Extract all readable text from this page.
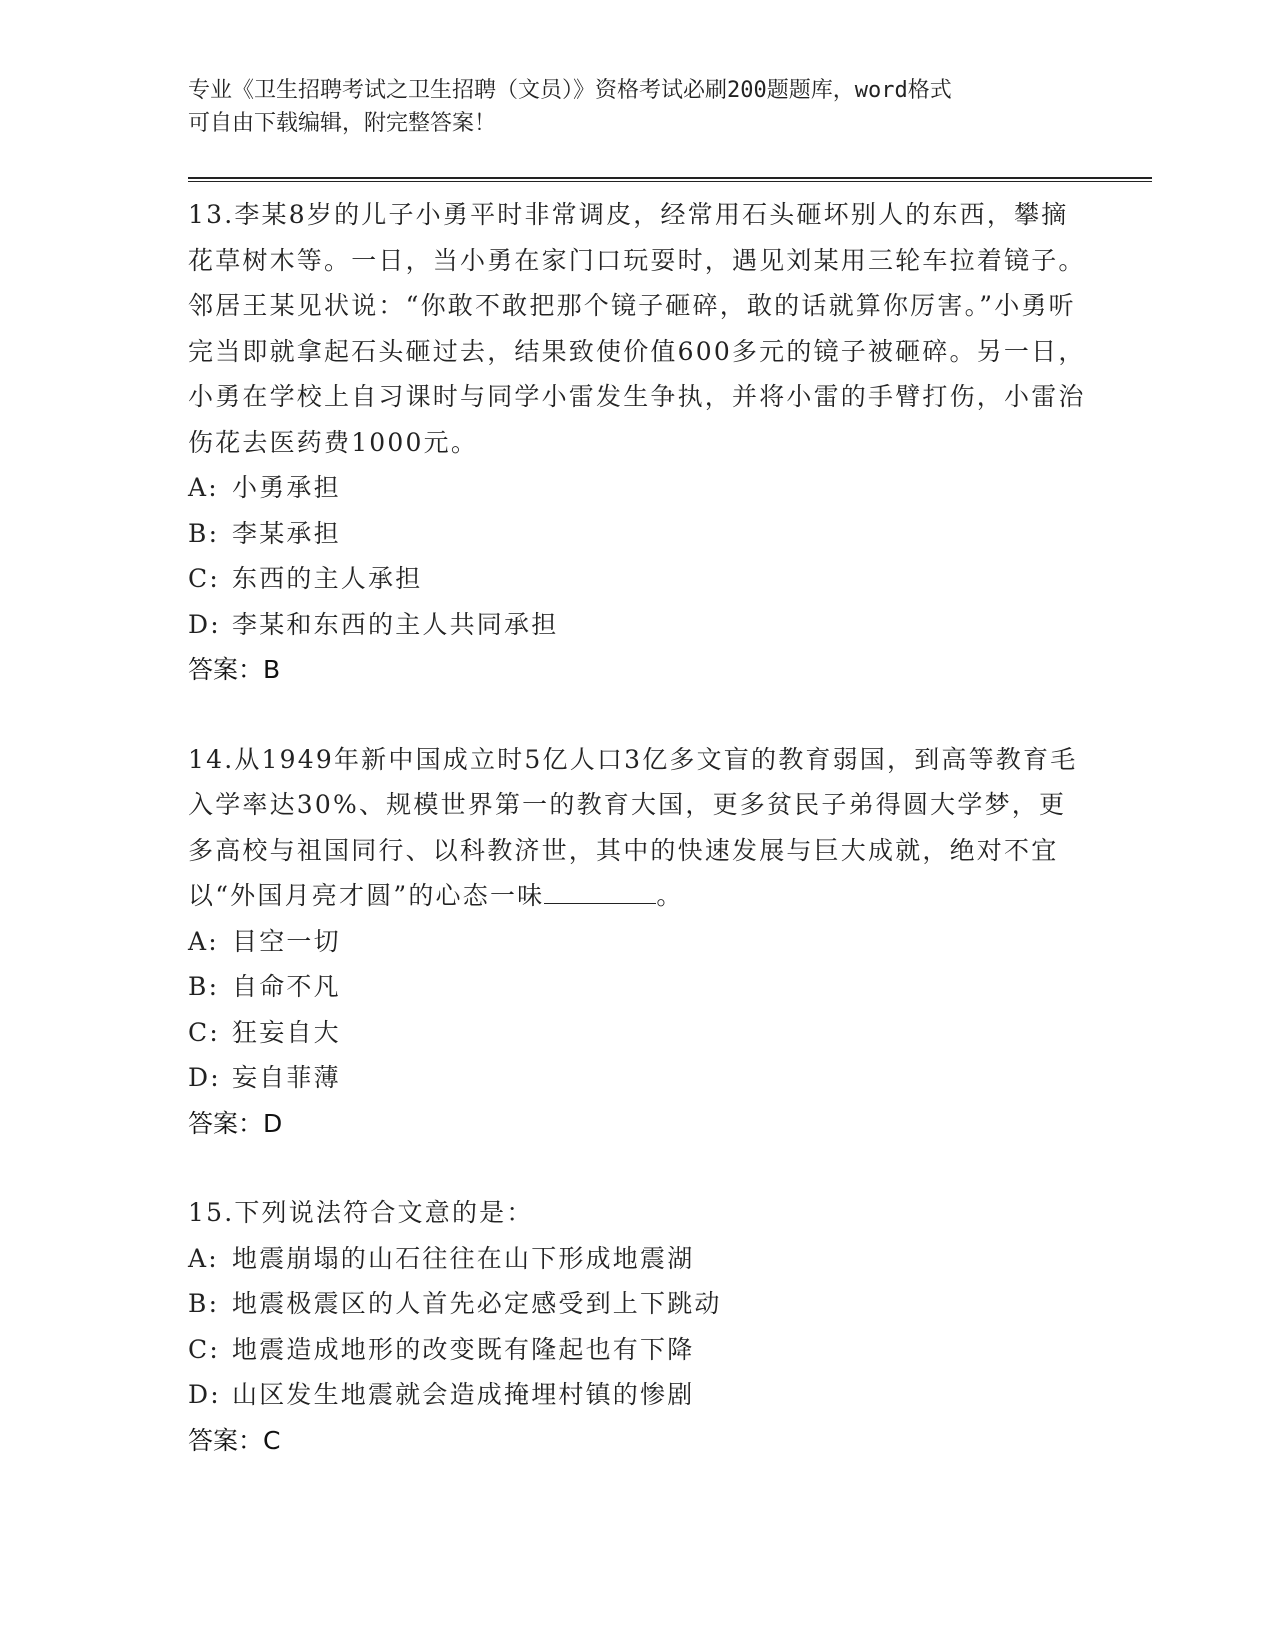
专业《卫生招聘考试之卫生招聘（文员）》资格考试必刷200题题库，word格式
可自由下载编辑，附完整答案！

13.李某8岁的儿子小勇平时非常调皮，经常用石头砸坏别人的东西，攀摘花草树木等。一日，当小勇在家门口玩耍时，遇见刘某用三轮车拉着镜子。邻居王某见状说：“你敢不敢把那个镜子砸碎，敢的话就算你厉害。”小勇听完当即就拿起石头砸过去，结果致使价值600多元的镜子被砸碎。另一日，小勇在学校上自习课时与同学小雷发生争执，并将小雷的手臂打伤，小雷治伤花去医药费1000元。

A: 小勇承担

B: 李某承担

C: 东西的主人承担

D: 李某和东西的主人共同承担

答案：B

14.从1949年新中国成立时5亿人口3亿多文盲的教育弱国，到高等教育毛入学率达30%、规模世界第一的教育大国，更多贫民子弟得圆大学梦，更多高校与祖国同行、以科教济世，其中的快速发展与巨大成就，绝对不宜以“外国月亮才圆”的心态一味	。

A: 目空一切

B: 自命不凡

C: 狂妄自大

D: 妄自菲薄

答案：D

15.下列说法符合文意的是：

A: 地震崩塌的山石往往在山下形成地震湖

B: 地震极震区的人首先必定感受到上下跳动

C: 地震造成地形的改变既有隆起也有下降

D: 山区发生地震就会造成掩埋村镇的惨剧

答案：C
